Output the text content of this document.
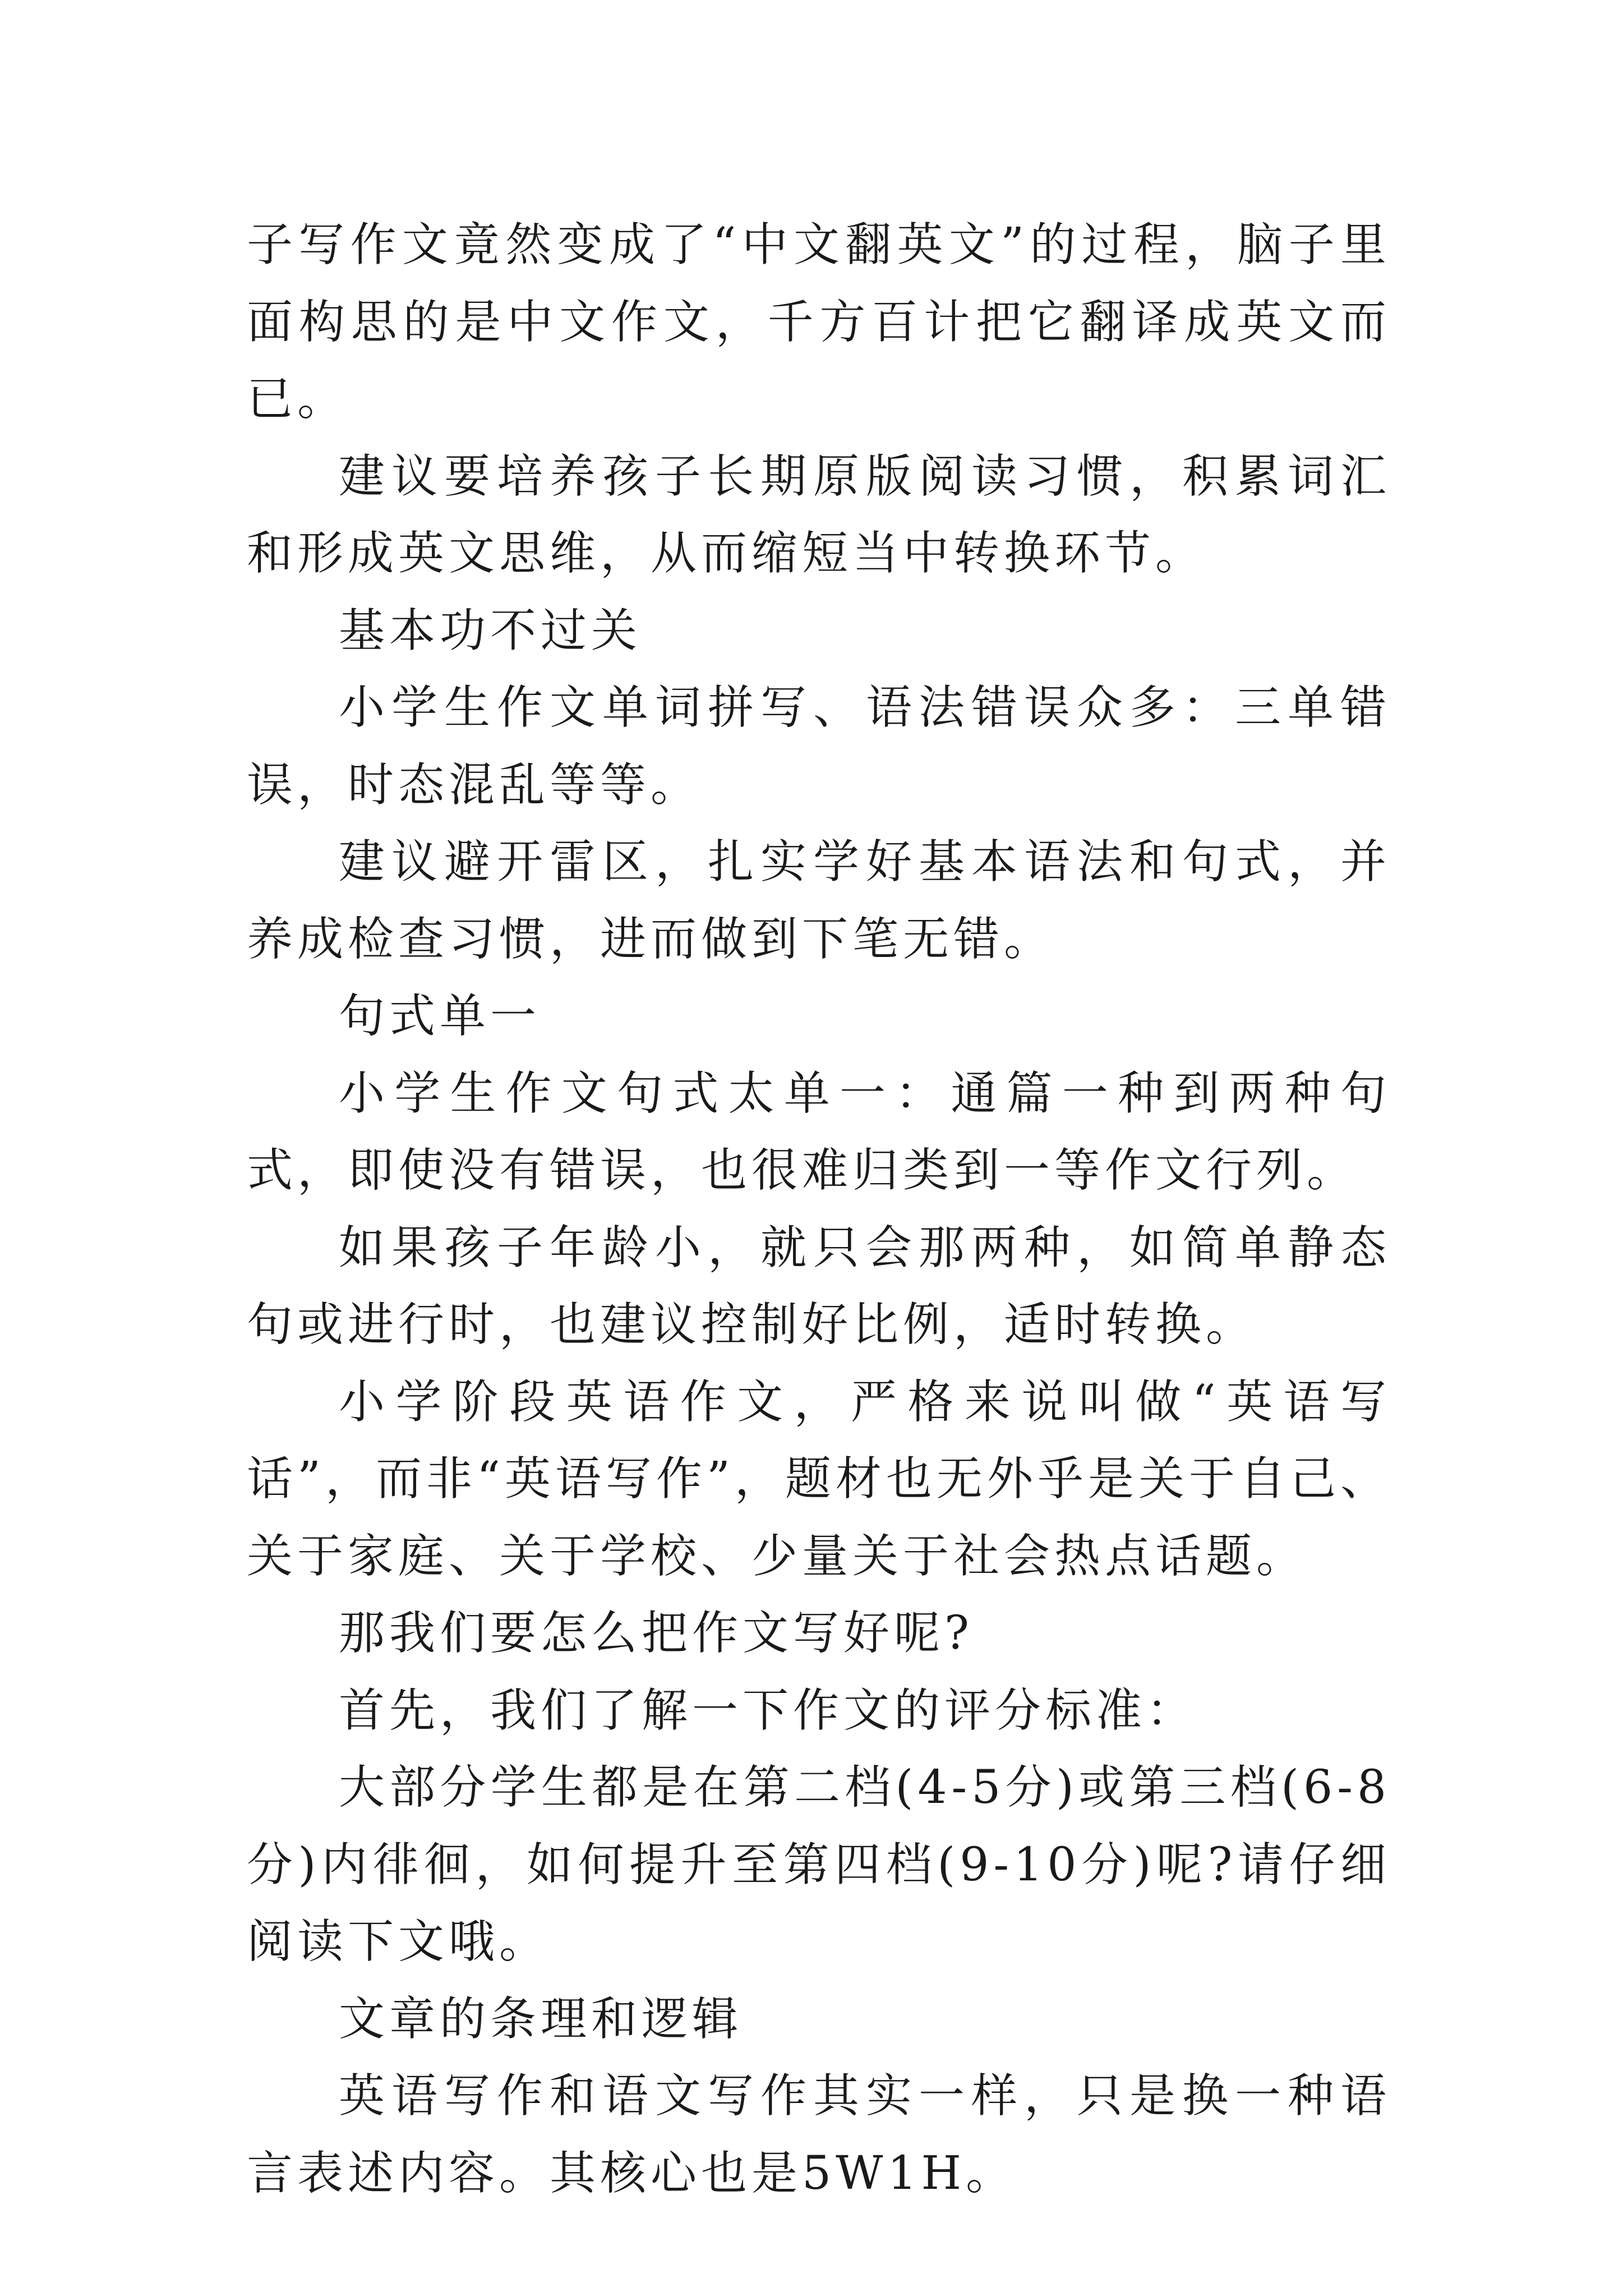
子写作文竟然变成了“中文翻英文”的过程，脑子里面构思的是中文作文，千方百计把它翻译成英文而已。

建议要培养孩子长期原版阅读习惯，积累词汇和形成英文思维，从而缩短当中转换环节。

基本功不过关

小学生作文单词拼写、语法错误众多：三单错误，时态混乱等等。

建议避开雷区，扎实学好基本语法和句式，并养成检查习惯，进而做到下笔无错。

句式单一

小学生作文句式太单一：通篇一种到两种句式，即使没有错误，也很难归类到一等作文行列。

如果孩子年龄小，就只会那两种，如简单静态句或进行时，也建议控制好比例，适时转换。

小学阶段英语作文，严格来说叫做“英语写话”，而非“英语写作”，题材也无外乎是关于自己、关于家庭、关于学校、少量关于社会热点话题。

那我们要怎么把作文写好呢?

首先，我们了解一下作文的评分标准：

大部分学生都是在第二档(4-5分)或第三档(6-8分)内徘徊，如何提升至第四档(9-10分)呢?请仔细阅读下文哦。

文章的条理和逻辑

英语写作和语文写作其实一样，只是换一种语言表述内容。其核心也是5W1H。
